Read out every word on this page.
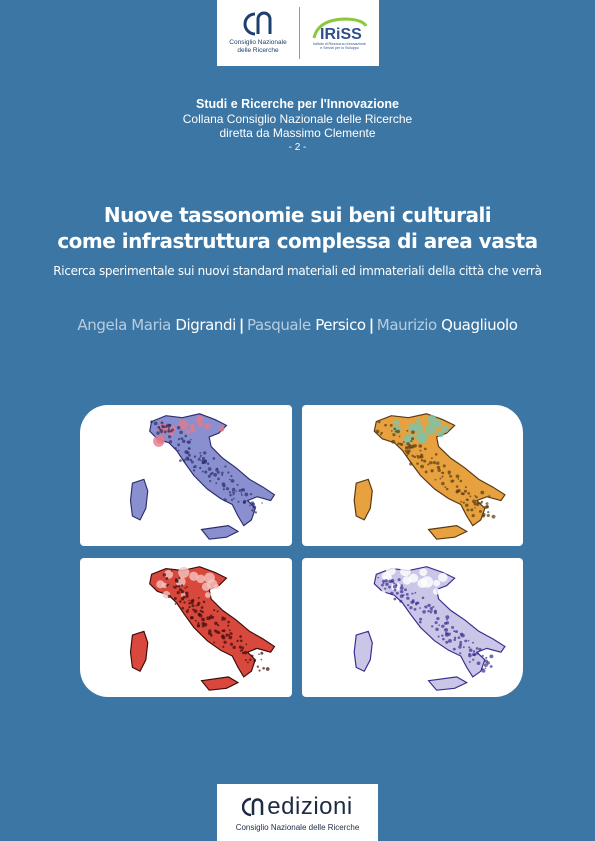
Consiglio Nazionale
delle Ricerche
IRiSS
Istituto di Ricerca su Innovazione
e Servizi per lo Sviluppo
Studi e Ricerche per l'Innovazione
Collana Consiglio Nazionale delle Ricerche
diretta da Massimo Clemente
- 2 -
Nuove tassonomie sui beni culturali
come infrastruttura complessa di area vasta
Ricerca sperimentale sui nuovi standard materiali ed immateriali della città che verrà
Angela Maria Digrandi | Pasquale Persico | Maurizio Quagliuolo
edizioni
Consiglio Nazionale delle Ricerche
